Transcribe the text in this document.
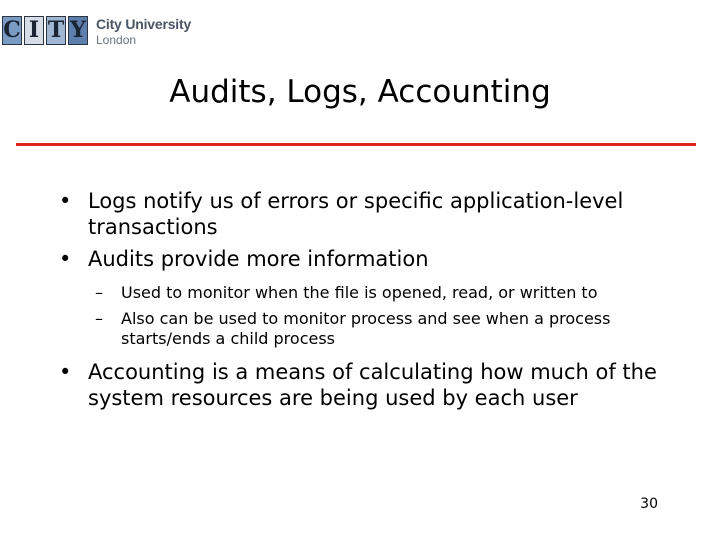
C I T Y City University
London
Audits, Logs, Accounting
• Logs notify us of errors or specific application-level transactions
• Audits provide more information
– Used to monitor when the file is opened, read, or written to
– Also can be used to monitor process and see when a process starts/ends a child process
• Accounting is a means of calculating how much of the system resources are being used by each user
30
